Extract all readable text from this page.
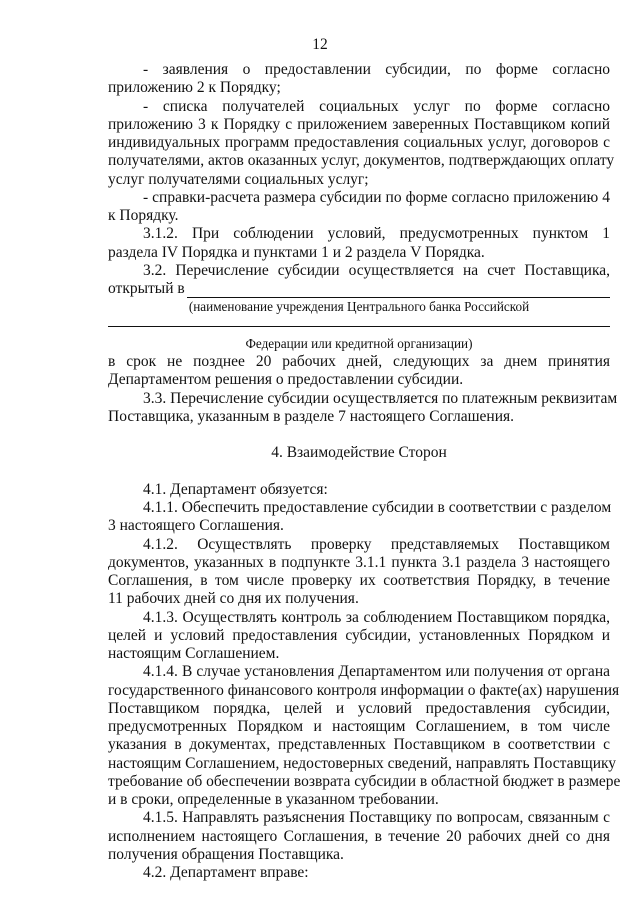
12
- заявления о предоставлении субсидии, по форме согласно
приложению 2 к Порядку;
- списка получателей социальных услуг по форме согласно
приложению 3 к Порядку с приложением заверенных Поставщиком копий
индивидуальных программ предоставления социальных услуг, договоров с
получателями, актов оказанных услуг, документов, подтверждающих оплату
услуг получателями социальных услуг;
- справки-расчета размера субсидии по форме согласно приложению 4
к Порядку.
3.1.2. При соблюдении условий, предусмотренных пунктом 1
раздела IV Порядка и пунктами 1 и 2 раздела V Порядка.
3.2. Перечисление субсидии осуществляется на счет Поставщика,
открытый в
(наименование учреждения Центрального банка Российской
Федерации или кредитной организации)
в срок не позднее 20 рабочих дней, следующих за днем принятия
Департаментом решения о предоставлении субсидии.
3.3. Перечисление субсидии осуществляется по платежным реквизитам
Поставщика, указанным в разделе 7 настоящего Соглашения.
4. Взаимодействие Сторон
4.1. Департамент обязуется:
4.1.1. Обеспечить предоставление субсидии в соответствии с разделом
3 настоящего Соглашения.
4.1.2. Осуществлять проверку представляемых Поставщиком
документов, указанных в подпункте 3.1.1 пункта 3.1 раздела 3 настоящего
Соглашения, в том числе проверку их соответствия Порядку, в течение
11 рабочих дней со дня их получения.
4.1.3. Осуществлять контроль за соблюдением Поставщиком порядка,
целей и условий предоставления субсидии, установленных Порядком и
настоящим Соглашением.
4.1.4. В случае установления Департаментом или получения от органа
государственного финансового контроля информации о факте(ах) нарушения
Поставщиком порядка, целей и условий предоставления субсидии,
предусмотренных Порядком и настоящим Соглашением, в том числе
указания в документах, представленных Поставщиком в соответствии с
настоящим Соглашением, недостоверных сведений, направлять Поставщику
требование об обеспечении возврата субсидии в областной бюджет в размере
и в сроки, определенные в указанном требовании.
4.1.5. Направлять разъяснения Поставщику по вопросам, связанным с
исполнением настоящего Соглашения, в течение 20 рабочих дней со дня
получения обращения Поставщика.
4.2. Департамент вправе:
